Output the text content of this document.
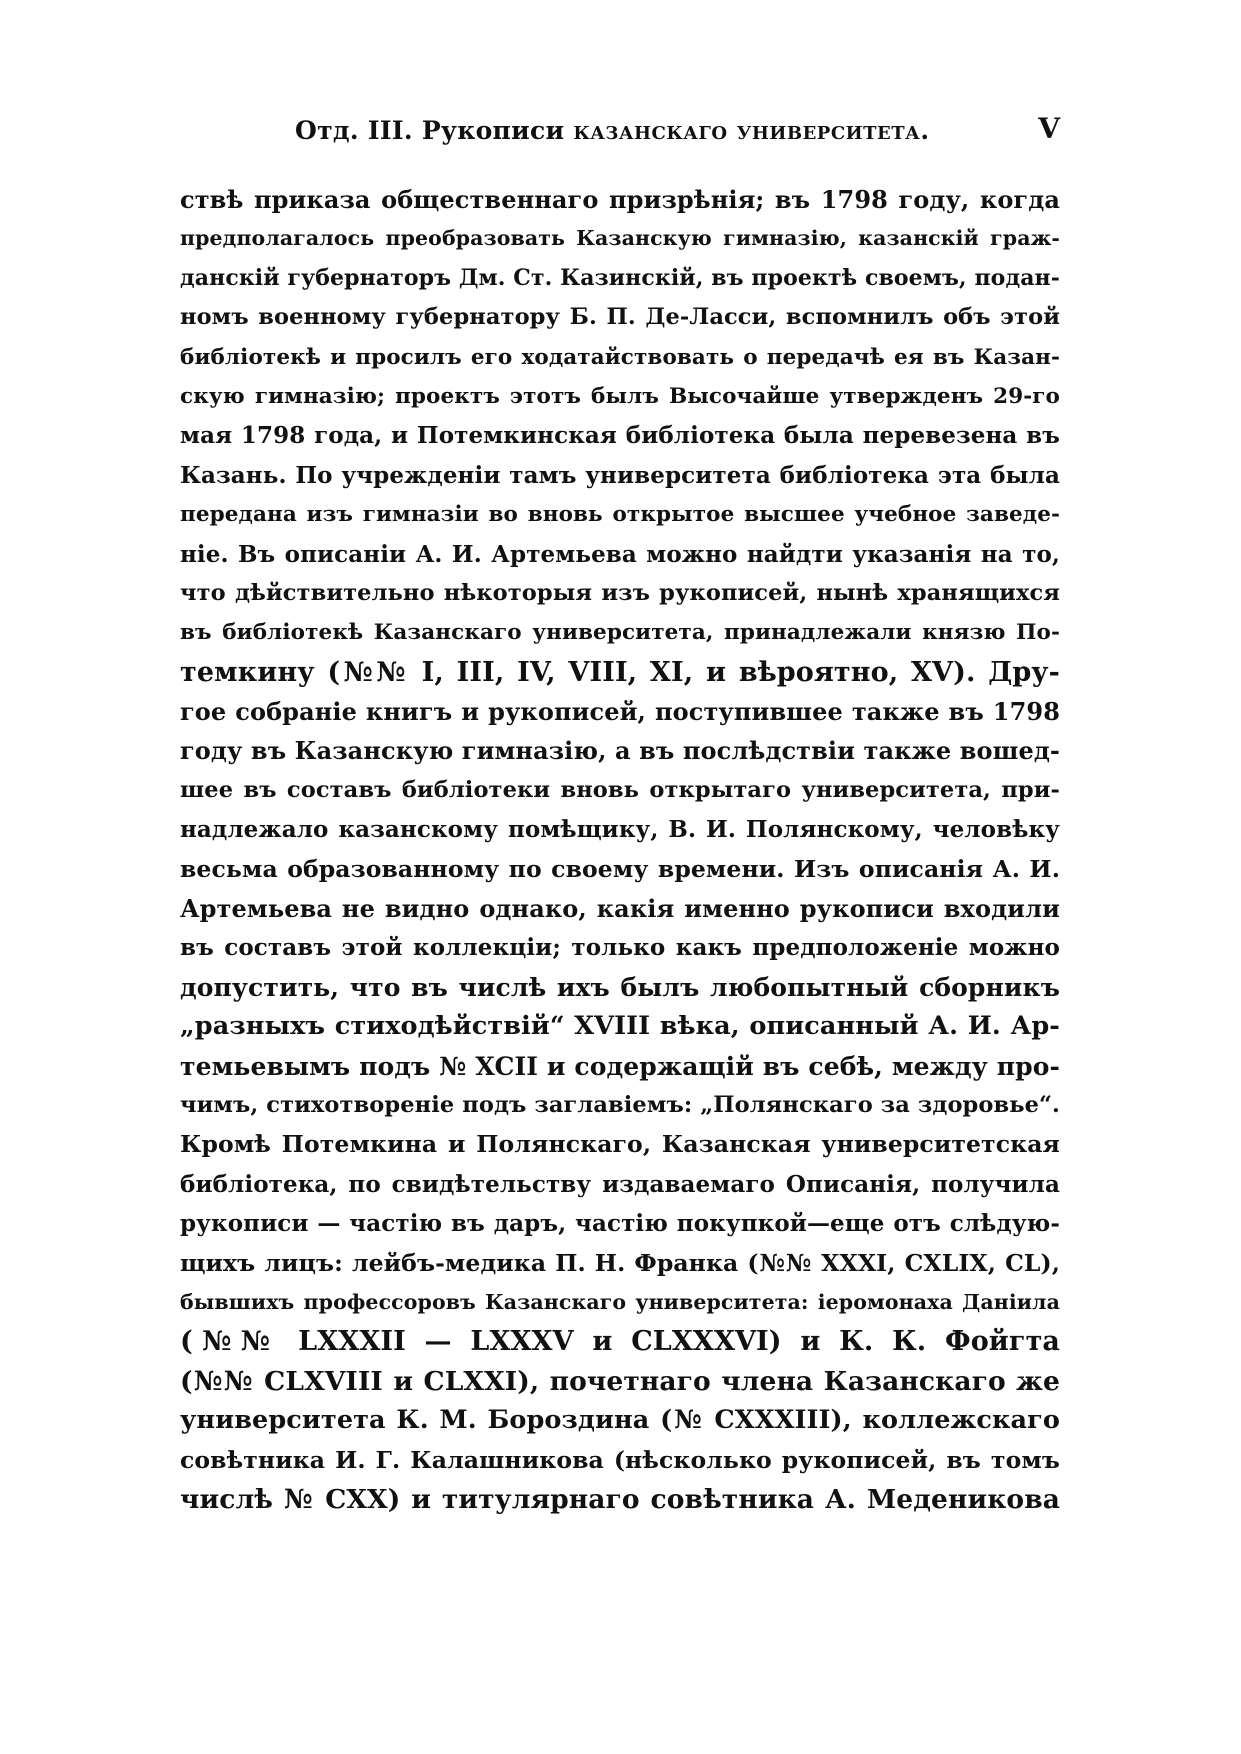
Отд. III. Рукописи казанскаго университета.	V
ствѣ приказа общественнаго призрѣнія; въ 1798 году, когда
предполагалось преобразовать Казанскую гимназію, казанскій граж-
данскій губернаторъ Дм. Ст. Казинскій, въ проектѣ своемъ, подан-
номъ военному губернатору Б. П. Де-Ласси, вспомнилъ объ этой
библіотекѣ и просилъ его ходатайствовать о передачѣ ея въ Казан-
скую гимназію; проектъ этотъ былъ Высочайше утвержденъ 29-го
мая 1798 года, и Потемкинская библіотека была перевезена въ
Казань. По учрежденіи тамъ университета библіотека эта была
передана изъ гимназіи во вновь открытое высшее учебное заведе-
ніе. Въ описаніи А. И. Артемьева можно найдти указанія на то,
что дѣйствительно нѣкоторыя изъ рукописей, нынѣ хранящихся
въ библіотекѣ Казанскаго университета, принадлежали князю По-
темкину (№№ I, III, IV, VIII, XI, и вѣроятно, XV). Дру-
гое собраніе книгъ и рукописей, поступившее также въ 1798
году въ Казанскую гимназію, а въ послѣдствіи также вошед-
шее въ составъ библіотеки вновь открытаго университета, при-
надлежало казанскому помѣщику, В. И. Полянскому, человѣку
весьма образованному по своему времени. Изъ описанія А. И.
Артемьева не видно однако, какія именно рукописи входили
въ составъ этой коллекціи; только какъ предположеніе можно
допустить, что въ числѣ ихъ былъ любопытный сборникъ
„разныхъ стиходѣйствій“ XVIII вѣка, описанный А. И. Ар-
темьевымъ подъ № XCII и содержащій въ себѣ, между про-
чимъ, стихотвореніе подъ заглавіемъ: „Полянскаго за здоровье“.
Кромѣ Потемкина и Полянскаго, Казанская университетская
библіотека, по свидѣтельству издаваемаго Описанія, получила
рукописи — частію въ даръ, частію покупкой—еще отъ слѣдую-
щихъ лицъ: лейбъ-медика П. Н. Франка (№№ XXXI, CXLIX, CL),
бывшихъ профессоровъ Казанскаго университета: іеромонаха Даніила
(№№ LXXXII — LXXXV и CLXXXVI) и К. К. Фойгта
(№№ CLXVIII и CLXXI), почетнаго члена Казанскаго же
университета К. М. Бороздина (№ CXXXIII), коллежскаго
совѣтника И. Г. Калашникова (нѣсколько рукописей, въ томъ
числѣ № CXX) и титулярнаго совѣтника А. Меденикова
